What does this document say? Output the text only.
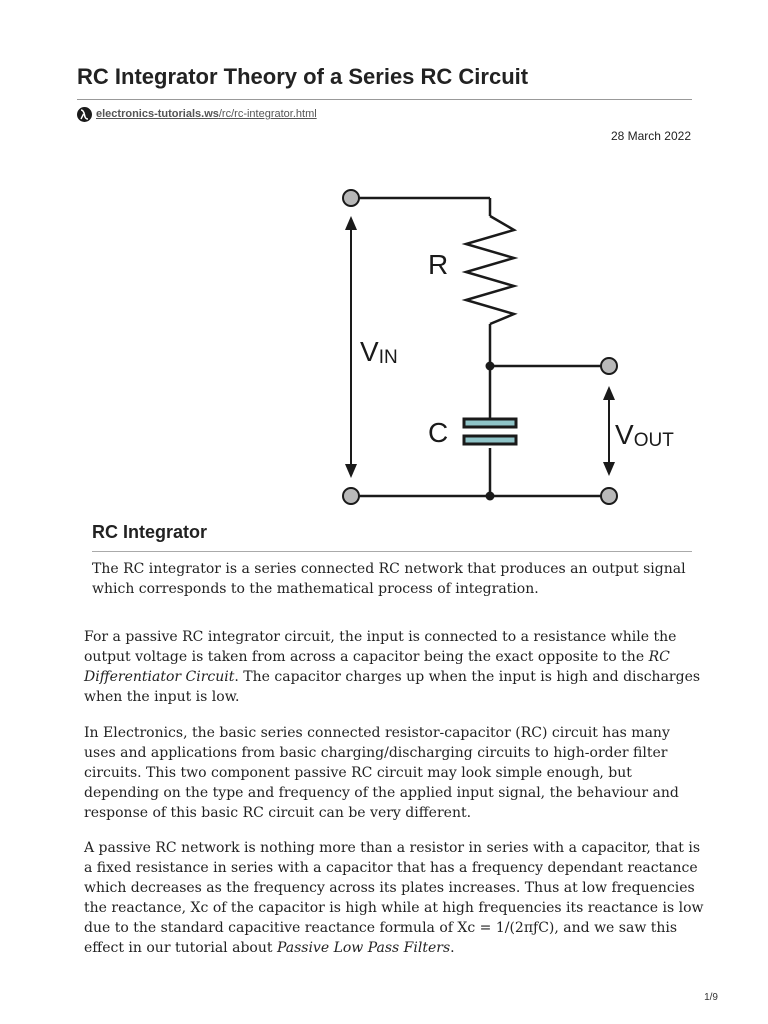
RC Integrator Theory of a Series RC Circuit
electronics-tutorials.ws/rc/rc-integrator.html
28 March 2022
R
C
VIN
VOUT
RC Integrator

The RC integrator is a series connected RC network that produces an output signal which corresponds to the mathematical process of integration.

For a passive RC integrator circuit, the input is connected to a resistance while the output voltage is taken from across a capacitor being the exact opposite to the RC Differentiator Circuit. The capacitor charges up when the input is high and discharges when the input is low.

In Electronics, the basic series connected resistor-capacitor (RC) circuit has many uses and applications from basic charging/discharging circuits to high-order filter circuits. This two component passive RC circuit may look simple enough, but depending on the type and frequency of the applied input signal, the behaviour and response of this basic RC circuit can be very different.

A passive RC network is nothing more than a resistor in series with a capacitor, that is a fixed resistance in series with a capacitor that has a frequency dependant reactance which decreases as the frequency across its plates increases. Thus at low frequencies the reactance, Xc of the capacitor is high while at high frequencies its reactance is low due to the standard capacitive reactance formula of Xc = 1/(2πƒC), and we saw this effect in our tutorial about Passive Low Pass Filters.

1/9
